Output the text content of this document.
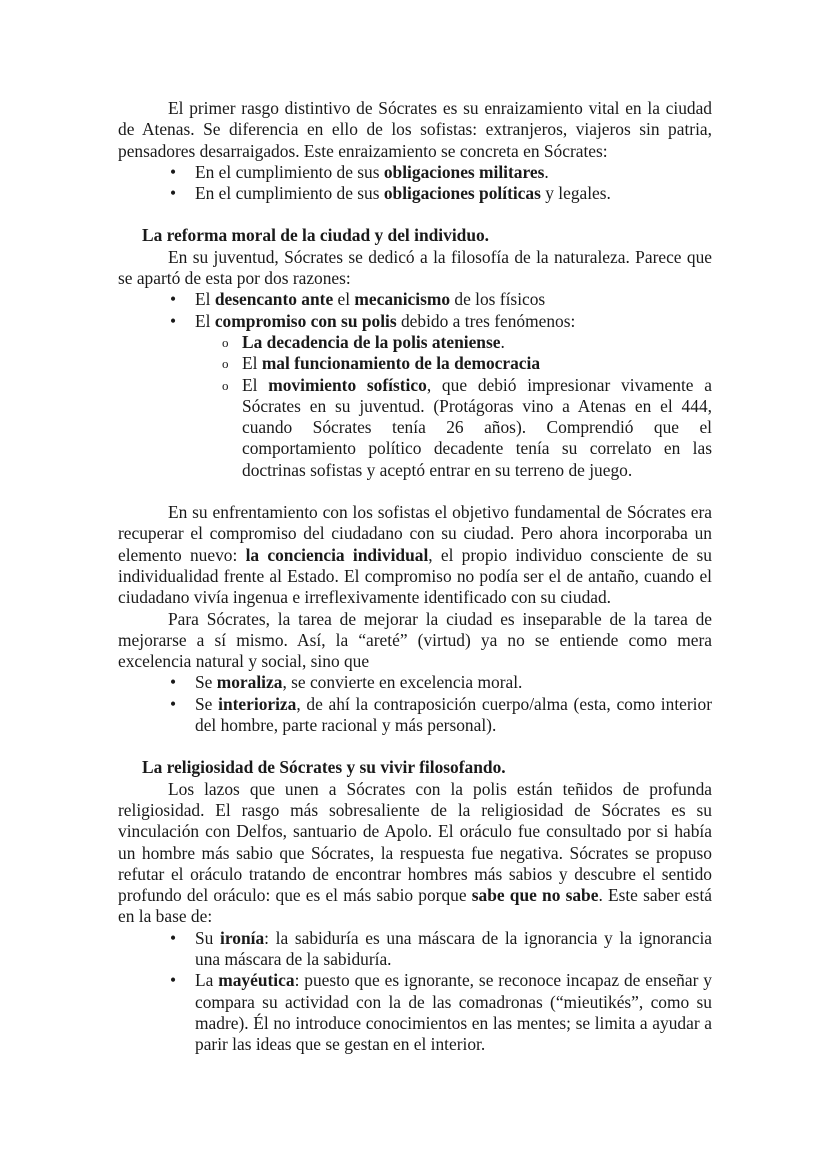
El primer rasgo distintivo de Sócrates es su enraizamiento vital en la ciudad de Atenas. Se diferencia en ello de los sofistas: extranjeros, viajeros sin patria, pensadores desarraigados. Este enraizamiento se concreta en Sócrates:

•	En el cumplimiento de sus obligaciones militares.
•	En el cumplimiento de sus obligaciones políticas y legales.
La reforma moral de la ciudad y del individuo.

En su juventud, Sócrates se dedicó a la filosofía de la naturaleza. Parece que se apartó de esta por dos razones:

•	El desencanto ante el mecanicismo de los físicos
•	El compromiso con su polis debido a tres fenómenos:
o La decadencia de la polis ateniense.
o El mal funcionamiento de la democracia
o El movimiento sofístico, que debió impresionar vivamente a Sócrates en su juventud. (Protágoras vino a Atenas en el 444, cuando Sócrates tenía 26 años). Comprendió que el comportamiento político decadente tenía su correlato en las doctrinas sofistas y aceptó entrar en su terreno de juego.

En su enfrentamiento con los sofistas el objetivo fundamental de Sócrates era recuperar el compromiso del ciudadano con su ciudad. Pero ahora incorporaba un elemento nuevo: la conciencia individual, el propio individuo consciente de su individualidad frente al Estado. El compromiso no podía ser el de antaño, cuando el ciudadano vivía ingenua e irreflexivamente identificado con su ciudad.

Para Sócrates, la tarea de mejorar la ciudad es inseparable de la tarea de mejorarse a sí mismo. Así, la “areté” (virtud) ya no se entiende como mera excelencia natural y social, sino que

•	Se moraliza, se convierte en excelencia moral.
•	Se interioriza, de ahí la contraposición cuerpo/alma (esta, como interior del hombre, parte racional y más personal).
La religiosidad de Sócrates y su vivir filosofando.

Los lazos que unen a Sócrates con la polis están teñidos de profunda religiosidad. El rasgo más sobresaliente de la religiosidad de Sócrates es su vinculación con Delfos, santuario de Apolo. El oráculo fue consultado por si había un hombre más sabio que Sócrates, la respuesta fue negativa. Sócrates se propuso refutar el oráculo tratando de encontrar hombres más sabios y descubre el sentido profundo del oráculo: que es el más sabio porque sabe que no sabe. Este saber está en la base de:

•	Su ironía: la sabiduría es una máscara de la ignorancia y la ignorancia una máscara de la sabiduría.
•	La mayéutica: puesto que es ignorante, se reconoce incapaz de enseñar y compara su actividad con la de las comadronas (“mieutikés”, como su madre). Él no introduce conocimientos en las mentes; se limita a ayudar a parir las ideas que se gestan en el interior.
